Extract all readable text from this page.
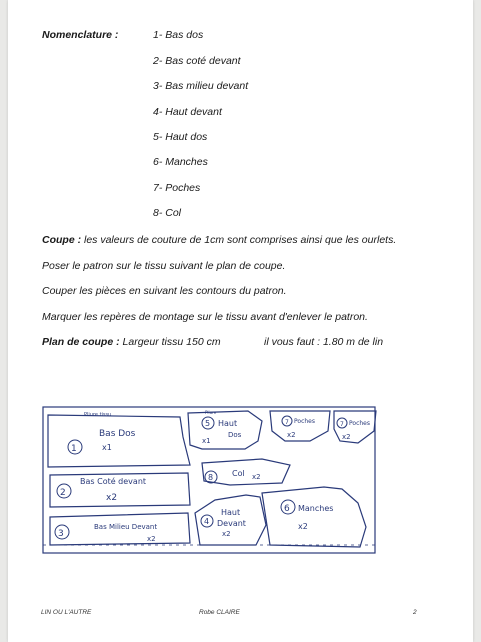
Nomenclature :	1- Bas dos
2- Bas coté devant
3- Bas milieu devant
4- Haut devant
5- Haut dos
6- Manches
7- Poches
8- Col
Coupe : les valeurs de couture de 1cm sont comprises ainsi que les ourlets.
Poser le patron sur le tissu suivant le plan de coupe.
Couper les pièces en suivant les contours du patron.
Marquer les repères de montage sur le tissu avant d'enlever le patron.
Plan de coupe : Largeur tissu 150 cm	il vous faut : 1.80 m de lin
1
Pliure tissu
Bas Dos
x1
5
Pliure
Haut
Dos
x1
7 Poches
x2
7 Poches
x2
8 Col x2
2
Bas Coté devant
x2
3
Bas Milieu Devant
x2
4
Haut
Devant
x2
6 Manches
x2
LIN OU L'AUTRE	Robe CLAIRE	2
